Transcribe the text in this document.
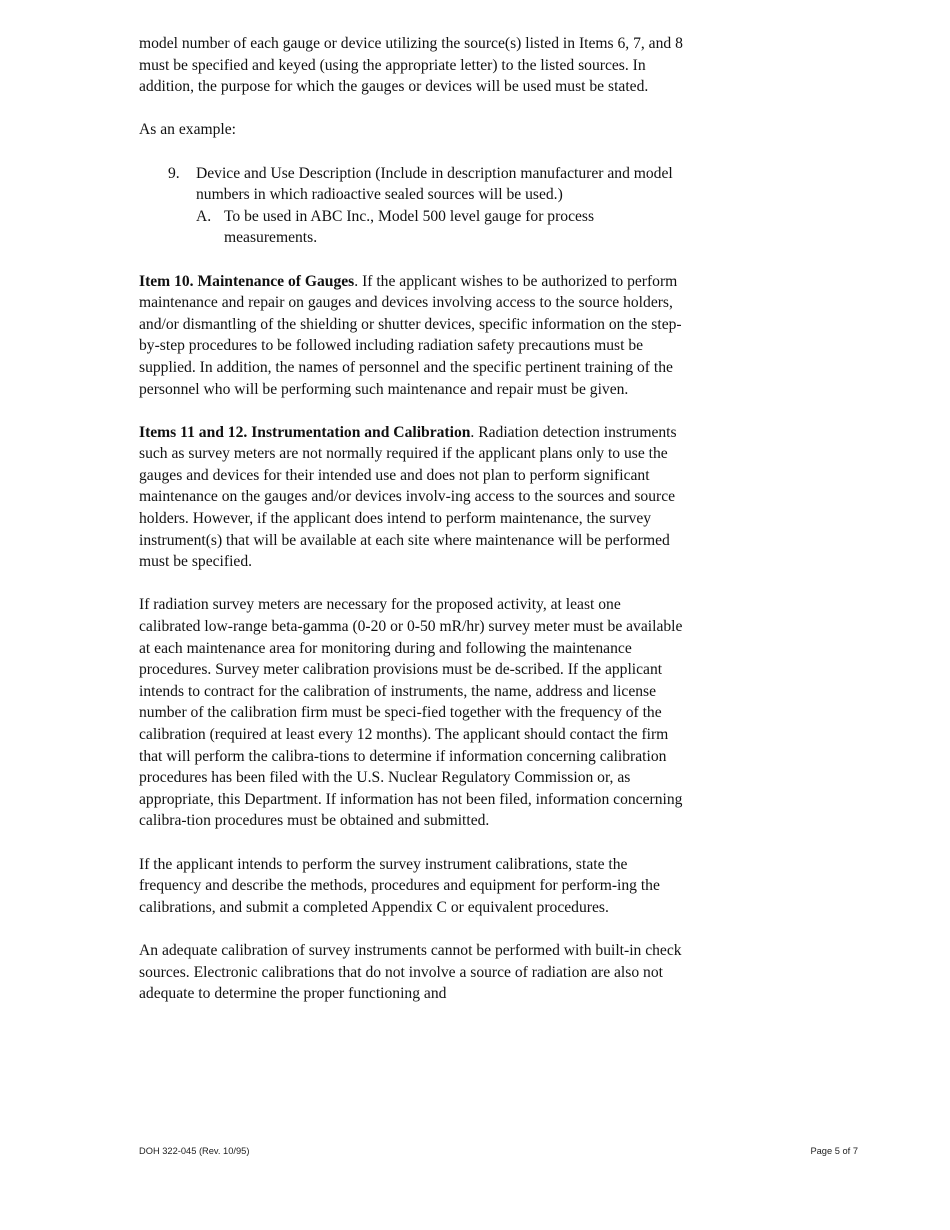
model number of each gauge or device utilizing the source(s) listed in Items 6, 7, and 8 must be specified and keyed (using the appropriate letter) to the listed sources. In addition, the purpose for which the gauges or devices will be used must be stated.

As an example:

9. Device and Use Description (Include in description manufacturer and model numbers in which radioactive sealed sources will be used.)
A. To be used in ABC Inc., Model 500 level gauge for process measurements.

Item 10. Maintenance of Gauges. If the applicant wishes to be authorized to perform maintenance and repair on gauges and devices involving access to the source holders, and/or dismantling of the shielding or shutter devices, specific information on the step-by-step procedures to be followed including radiation safety precautions must be supplied. In addition, the names of personnel and the specific pertinent training of the personnel who will be performing such maintenance and repair must be given.

Items 11 and 12. Instrumentation and Calibration. Radiation detection instruments such as survey meters are not normally required if the applicant plans only to use the gauges and devices for their intended use and does not plan to perform significant maintenance on the gauges and/or devices involv-ing access to the sources and source holders. However, if the applicant does intend to perform maintenance, the survey instrument(s) that will be available at each site where maintenance will be performed must be specified.

If radiation survey meters are necessary for the proposed activity, at least one calibrated low-range beta-gamma (0-20 or 0-50 mR/hr) survey meter must be available at each maintenance area for monitoring during and following the maintenance procedures. Survey meter calibration provisions must be de-scribed. If the applicant intends to contract for the calibration of instruments, the name, address and license number of the calibration firm must be speci-fied together with the frequency of the calibration (required at least every 12 months). The applicant should contact the firm that will perform the calibra-tions to determine if information concerning calibration procedures has been filed with the U.S. Nuclear Regulatory Commission or, as appropriate, this Department. If information has not been filed, information concerning calibra-tion procedures must be obtained and submitted.

If the applicant intends to perform the survey instrument calibrations, state the frequency and describe the methods, procedures and equipment for perform-ing the calibrations, and submit a completed Appendix C or equivalent procedures.

An adequate calibration of survey instruments cannot be performed with built-in check sources. Electronic calibrations that do not involve a source of radiation are also not adequate to determine the proper functioning and

DOH 322-045 (Rev. 10/95)	Page 5 of 7
